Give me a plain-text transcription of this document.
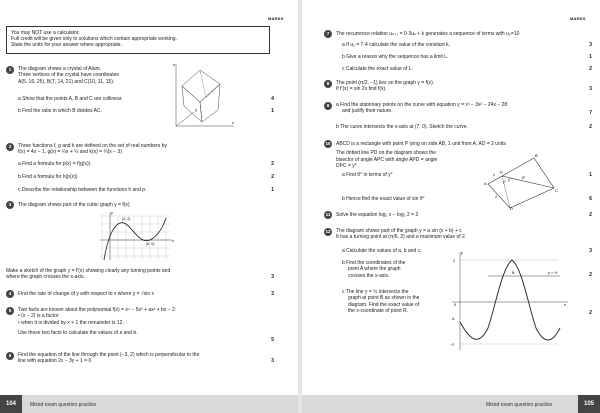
MARKS
You may NOT use a calculator.
Full credit will be given only to solutions which contain appropriate working.
State the units for your answer where appropriate.
1	The diagram shows a crystal of Alum.
Three vertices of the crystal have coordinates
A(5, 16, 25), B(7, 14, 21) and C(10, 11, 15).
z
x
y
a Show that the points A, B and C are collinear.	4
b Find the ratio in which B divides AC.	1
2	Three functions f, g and k are defined on the set of real numbers by
f(x) = 4x − 1, g(x) = ¼x + ¼ and k(x) = ¼(x − 3)
a Find a formula for p(x) = f(g(x))	2
b Find a formula for h(p(x))	2
c Describe the relationship between the functions h and p.	1
3	The diagram shows part of the cubic graph y = f(x)
(2, 2)
(6, 0)
x
y
Make a sketch of the graph y = f′(x) showing clearly any turning points and
where the graph crosses the x-axis.	3
4	Find the rate of change of y with respect to x where y = √sin x	3
5	Two facts are known about the polynomial f(x) = x⁴ − 5x³ + ax² + bx − 2:
• (x − 2) is a factor
• when it is divided by x + 1 the remainder is 12.
Use these two facts to calculate the values of a and b.
5
6	Find the equation of the line through the point (−3, 2) which is perpendicular to the
line with equation 2x − 3y + 1 = 0	3
104	Mixed exam question practice
MARKS
7	The recurrence relation uₙ₊₁ = 0·3uₙ + k generates a sequence of terms with u₀=10
a If u₁ = 7·4 calculate the value of the constant k.	3
b Give a reason why the sequence has a limit L.	1
c Calculate the exact value of L.	2
8	The point (π/2, −1) lies on the graph y = f(x).
If f′(x) = sin 2x find f(x).	3
9	a Find the stationary points on the curve with equation y = x³ − 3x² − 24x − 28
and justify their nature.	7
b The curve intersects the x-axis at (7, 0). Sketch the curve.	2
10 ABCD is a rectangle with point P lying on side AB, 1 unit from A. AD = 2 units
The dotted line PD on the diagram shows the
bisector of angle APC with angle APD = angle
DPC = y°
A
B
C
D
P
1
2
y° y°	θ°
a Find θ° in terms of y°	1
b Hence find the exact value of sin θ°	6
11	Solve the equation log₂ x − log₂ 2 = 2	2
12 The diagram shows part of the graph y = a sin (x + b) + c
It has a turning point at (π/6, 2) and a maximum value of 2.
a Calculate the values of a, b and c.	3
b Find the coordinates of the
point A where the graph
crosses the x-axis.	2
c The line y = ½ intersects the
graph at point B as shown in the
diagram. Find the exact value of
the x-coordinate of point R.	2
y
2
B	y = ½
0
A
x
−2
Mixed exam question practice	105
